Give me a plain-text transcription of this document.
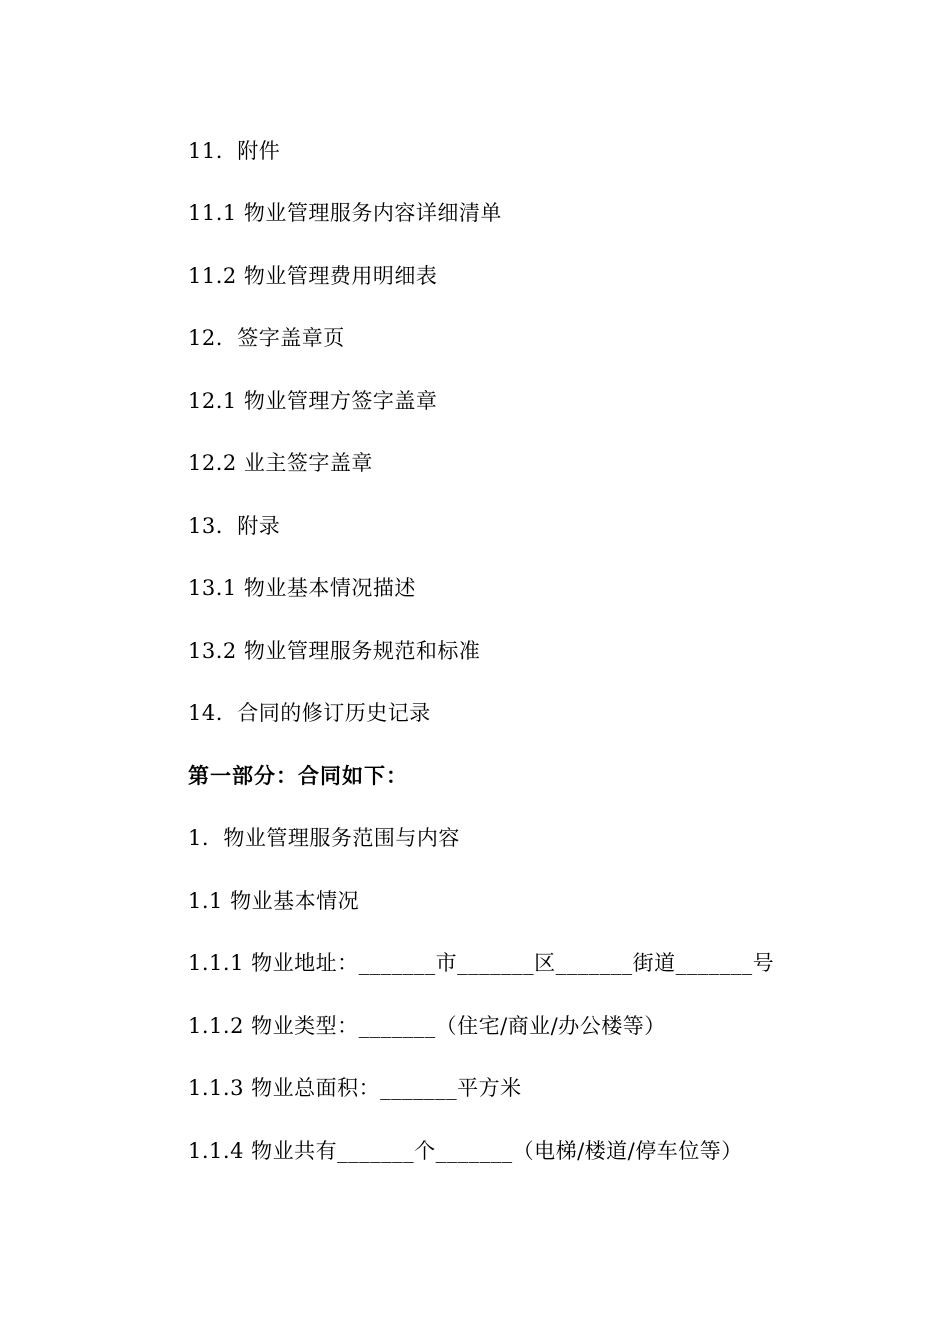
11.  附件
11.1 物业管理服务内容详细清单
11.2 物业管理费用明细表
12.  签字盖章页
12.1 物业管理方签字盖章
12.2 业主签字盖章
13.  附录
13.1 物业基本情况描述
13.2 物业管理服务规范和标准
14.  合同的修订历史记录
第一部分：合同如下：
1.  物业管理服务范围与内容
1.1 物业基本情况
1.1.1 物业地址：_______市_______区_______街道_______号
1.1.2 物业类型：_______（住宅/商业/办公楼等）
1.1.3 物业总面积：_______平方米
1.1.4 物业共有_______个_______（电梯/楼道/停车位等）
